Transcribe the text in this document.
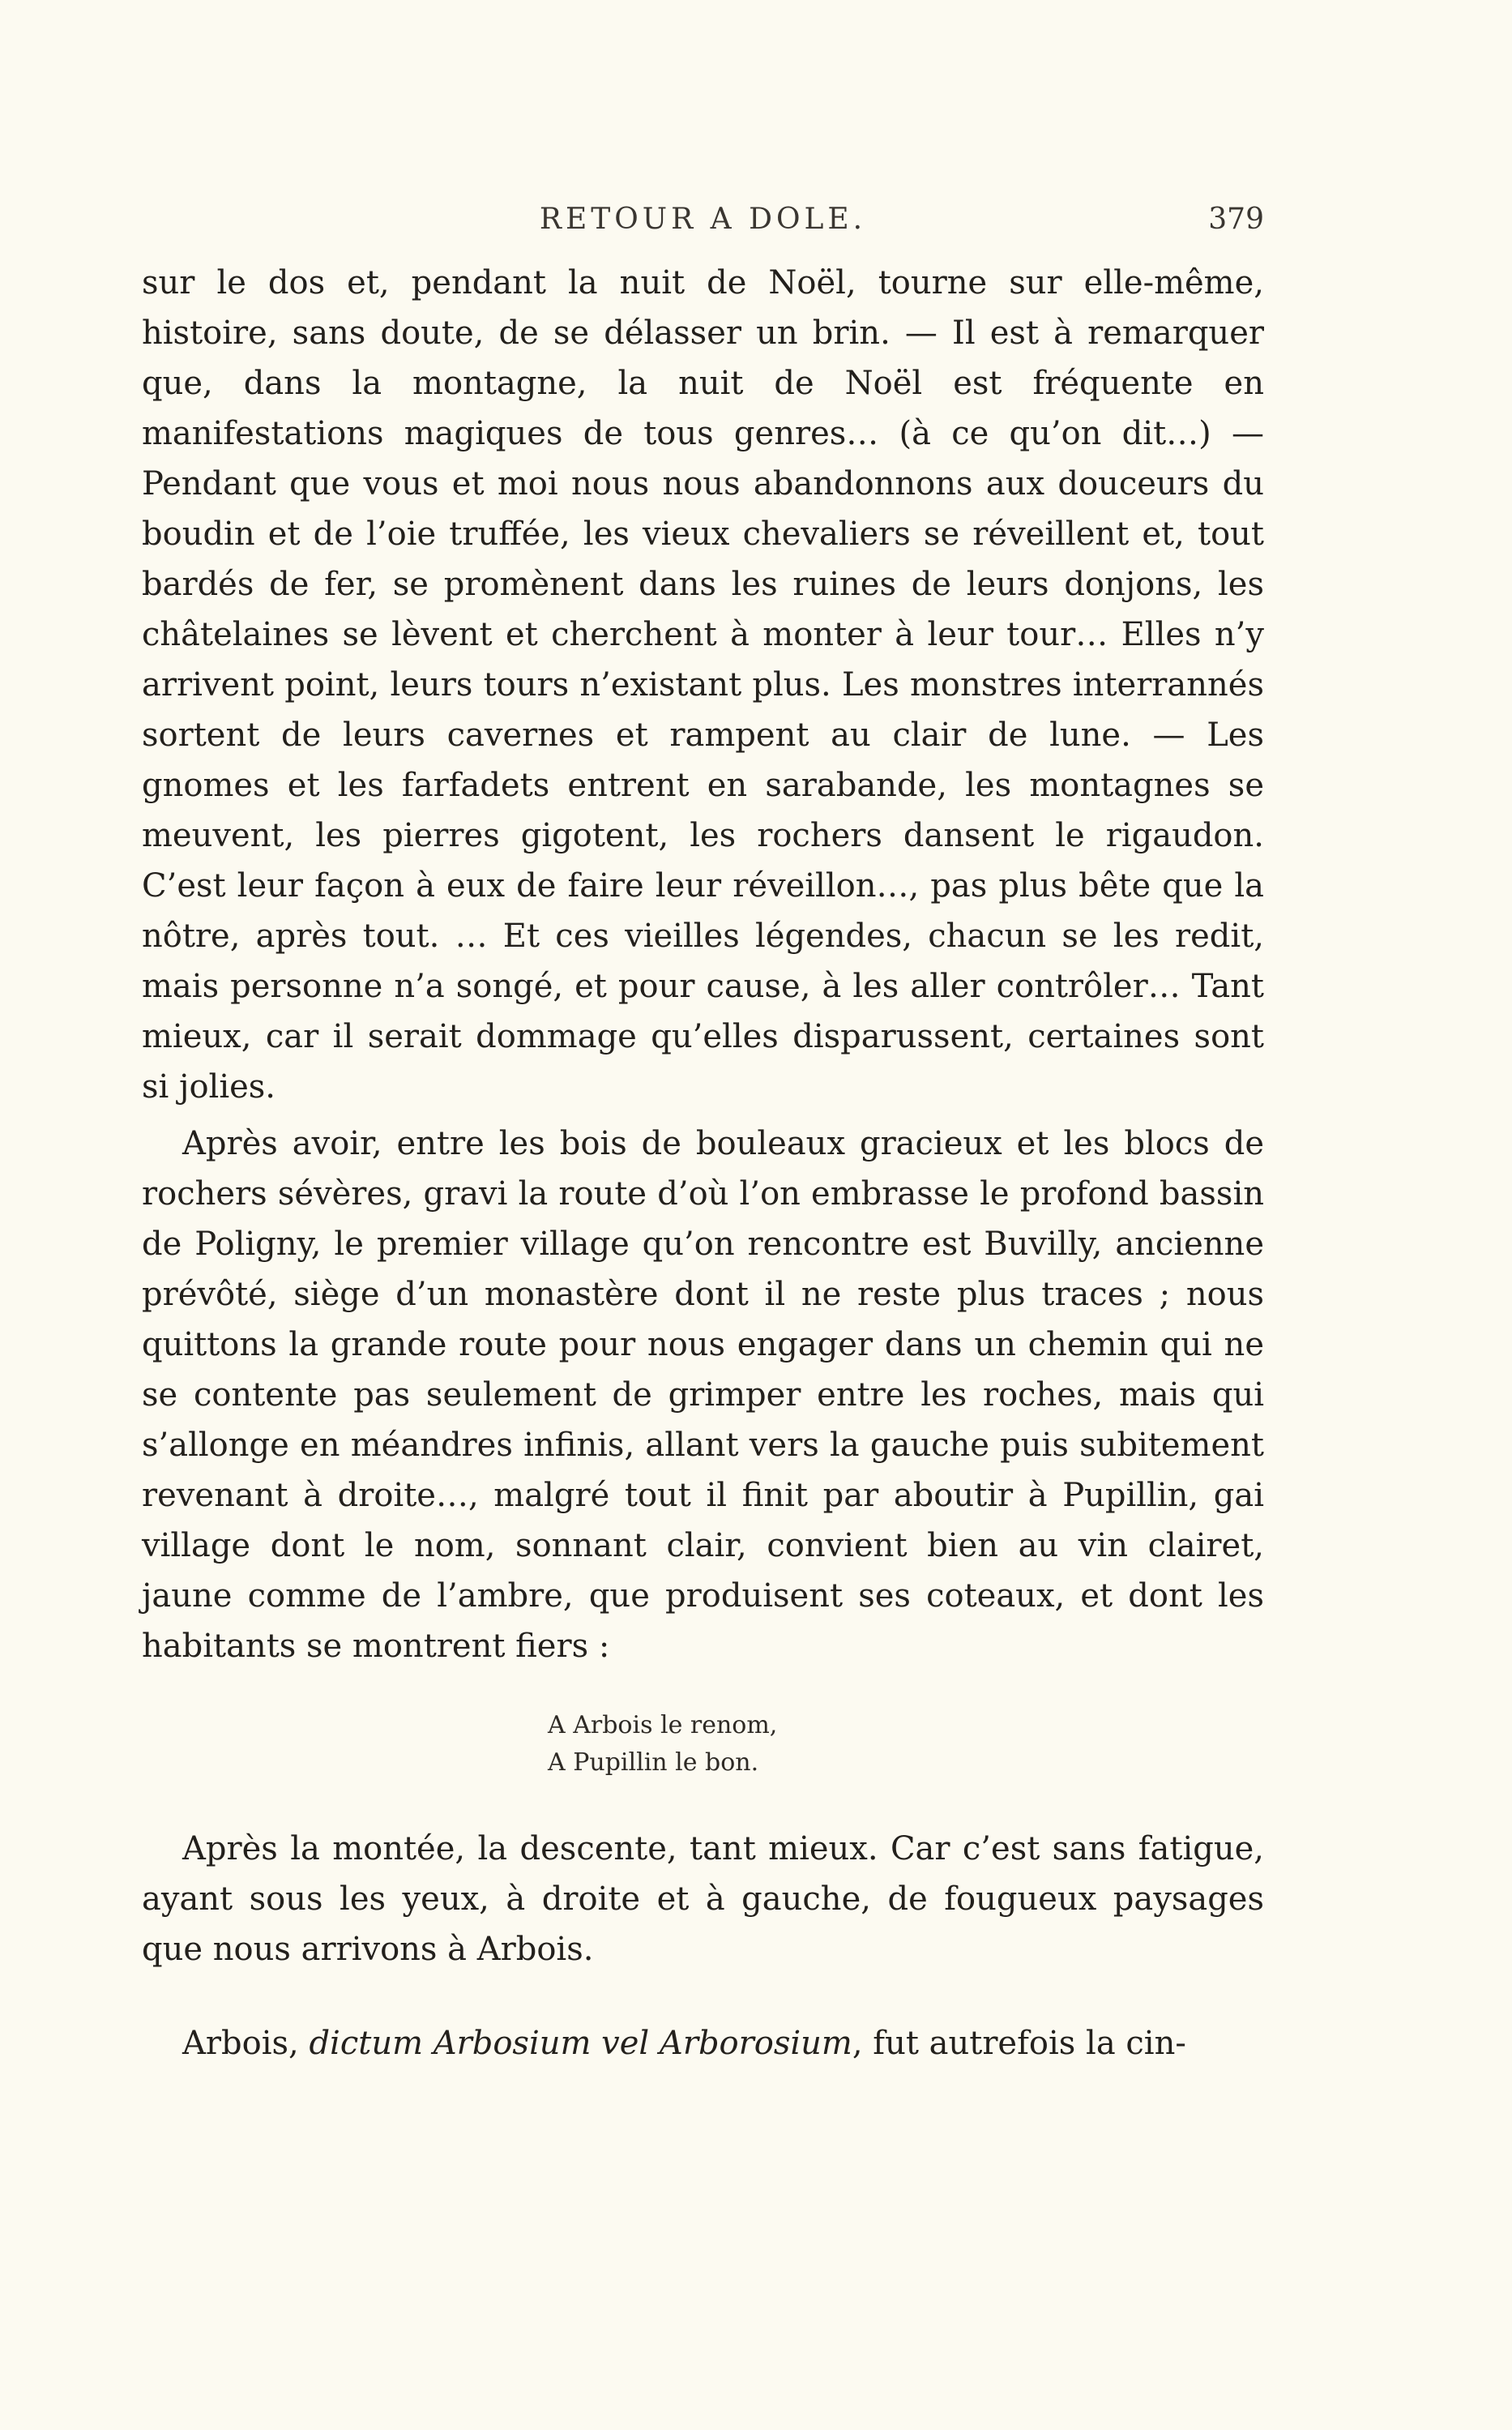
RETOUR A DOLE.	379

sur le dos et, pendant la nuit de Noël, tourne sur elle-même, histoire, sans doute, de se délasser un brin. — Il est à remarquer que, dans la montagne, la nuit de Noël est fréquente en manifestations magiques de tous genres… (à ce qu’on dit…) — Pendant que vous et moi nous nous abandonnons aux douceurs du boudin et de l’oie truffée, les vieux chevaliers se réveillent et, tout bardés de fer, se promènent dans les ruines de leurs donjons, les châtelaines se lèvent et cherchent à monter à leur tour… Elles n’y arrivent point, leurs tours n’existant plus. Les monstres interrannés sortent de leurs cavernes et rampent au clair de lune. — Les gnomes et les farfadets entrent en sarabande, les montagnes se meuvent, les pierres gigotent, les rochers dansent le rigaudon. C’est leur façon à eux de faire leur réveillon…, pas plus bête que la nôtre, après tout. … Et ces vieilles légendes, chacun se les redit, mais personne n’a songé, et pour cause, à les aller contrôler… Tant mieux, car il serait dommage qu’elles disparussent, certaines sont si jolies.

Après avoir, entre les bois de bouleaux gracieux et les blocs de rochers sévères, gravi la route d’où l’on embrasse le profond bassin de Poligny, le premier village qu’on rencontre est Buvilly, ancienne prévôté, siège d’un monastère dont il ne reste plus traces ; nous quittons la grande route pour nous engager dans un chemin qui ne se contente pas seulement de grimper entre les roches, mais qui s’allonge en méandres infinis, allant vers la gauche puis subitement revenant à droite…, malgré tout il finit par aboutir à Pupillin, gai village dont le nom, sonnant clair, convient bien au vin clairet, jaune comme de l’ambre, que produisent ses coteaux, et dont les habitants se montrent fiers :

A Arbois le renom,
A Pupillin le bon.

Après la montée, la descente, tant mieux. Car c’est sans fatigue, ayant sous les yeux, à droite et à gauche, de fougueux paysages que nous arrivons à Arbois.

Arbois, dictum Arbosium vel Arborosium, fut autrefois la cin-
